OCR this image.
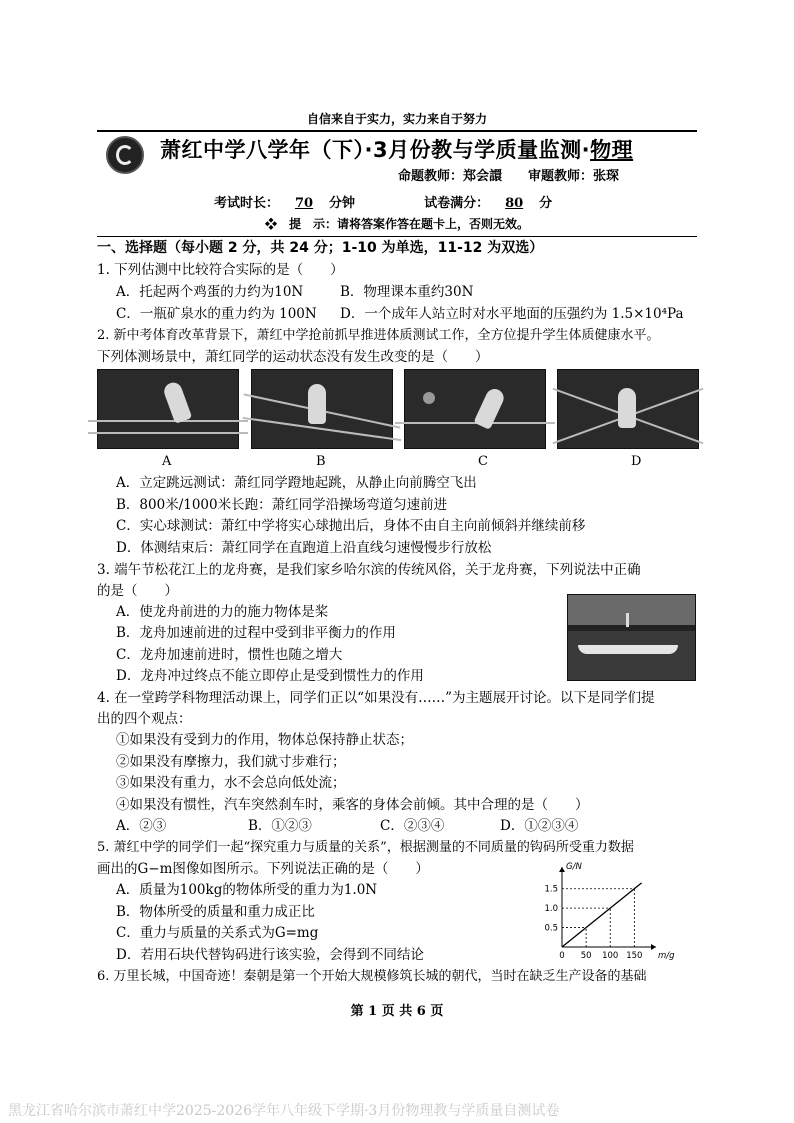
自信来自于实力，实力来自于努力
萧红中学八学年（下）·3月份教与学质量监测·物理
命题教师：郑会譞 审题教师：张琛
考试时长： 70 分钟	试卷满分： 80 分
❖　提　示：请将答案作答在题卡上，否则无效。
一、选择题（每小题 2 分，共 24 分；1-10 为单选，11-12 为双选）
1. 下列估测中比较符合实际的是（　　）
A．托起两个鸡蛋的力约为10N	B．物理课本重约30N
C．一瓶矿泉水的重力约为 100N D．一个成年人站立时对水平地面的压强约为 1.5×10⁴Pa
2. 新中考体育改革背景下，萧红中学抢前抓早推进体质测试工作，全方位提升学生体质健康水平。
下列体测场景中，萧红同学的运动状态没有发生改变的是（　　）
A	B	C	D
A．立定跳远测试：萧红同学蹬地起跳，从静止向前腾空飞出
B．800米/1000米长跑：萧红同学沿操场弯道匀速前进
C．实心球测试：萧红中学将实心球抛出后，身体不由自主向前倾斜并继续前移
D．体测结束后：萧红同学在直跑道上沿直线匀速慢慢步行放松
3. 端午节松花江上的龙舟赛，是我们家乡哈尔滨的传统风俗，关于龙舟赛，下列说法中正确
的是（　　）
A．使龙舟前进的力的施力物体是桨
B．龙舟加速前进的过程中受到非平衡力的作用
C．龙舟加速前进时，惯性也随之增大
D．龙舟冲过终点不能立即停止是受到惯性力的作用
4. 在一堂跨学科物理活动课上，同学们正以“如果没有……”为主题展开讨论。以下是同学们提
出的四个观点：
①如果没有受到力的作用，物体总保持静止状态；
②如果没有摩擦力，我们就寸步难行；
③如果没有重力，水不会总向低处流；
④如果没有惯性，汽车突然刹车时，乘客的身体会前倾。其中合理的是（　　）
A．②③	B．①②③	C．②③④	D．①②③④
5. 萧红中学的同学们一起“探究重力与质量的关系”，根据测量的不同质量的钩码所受重力数据
画出的G−m图像如图所示。下列说法正确的是（　　）
A．质量为100kg的物体所受的重力为1.0N
B．物体所受的质量和重力成正比
C．重力与质量的关系式为G=mg
D．若用石块代替钩码进行该实验，会得到不同结论	0 50 100 150
0.5
1.0
1.5
m/g
G/N
6. 万里长城，中国奇迹！秦朝是第一个开始大规模修筑长城的朝代，当时在缺乏生产设备的基础
第 1 页 共 6 页
黑龙江省哈尔滨市萧红中学2025-2026学年八年级下学期·3月份物理教与学质量自测试卷
